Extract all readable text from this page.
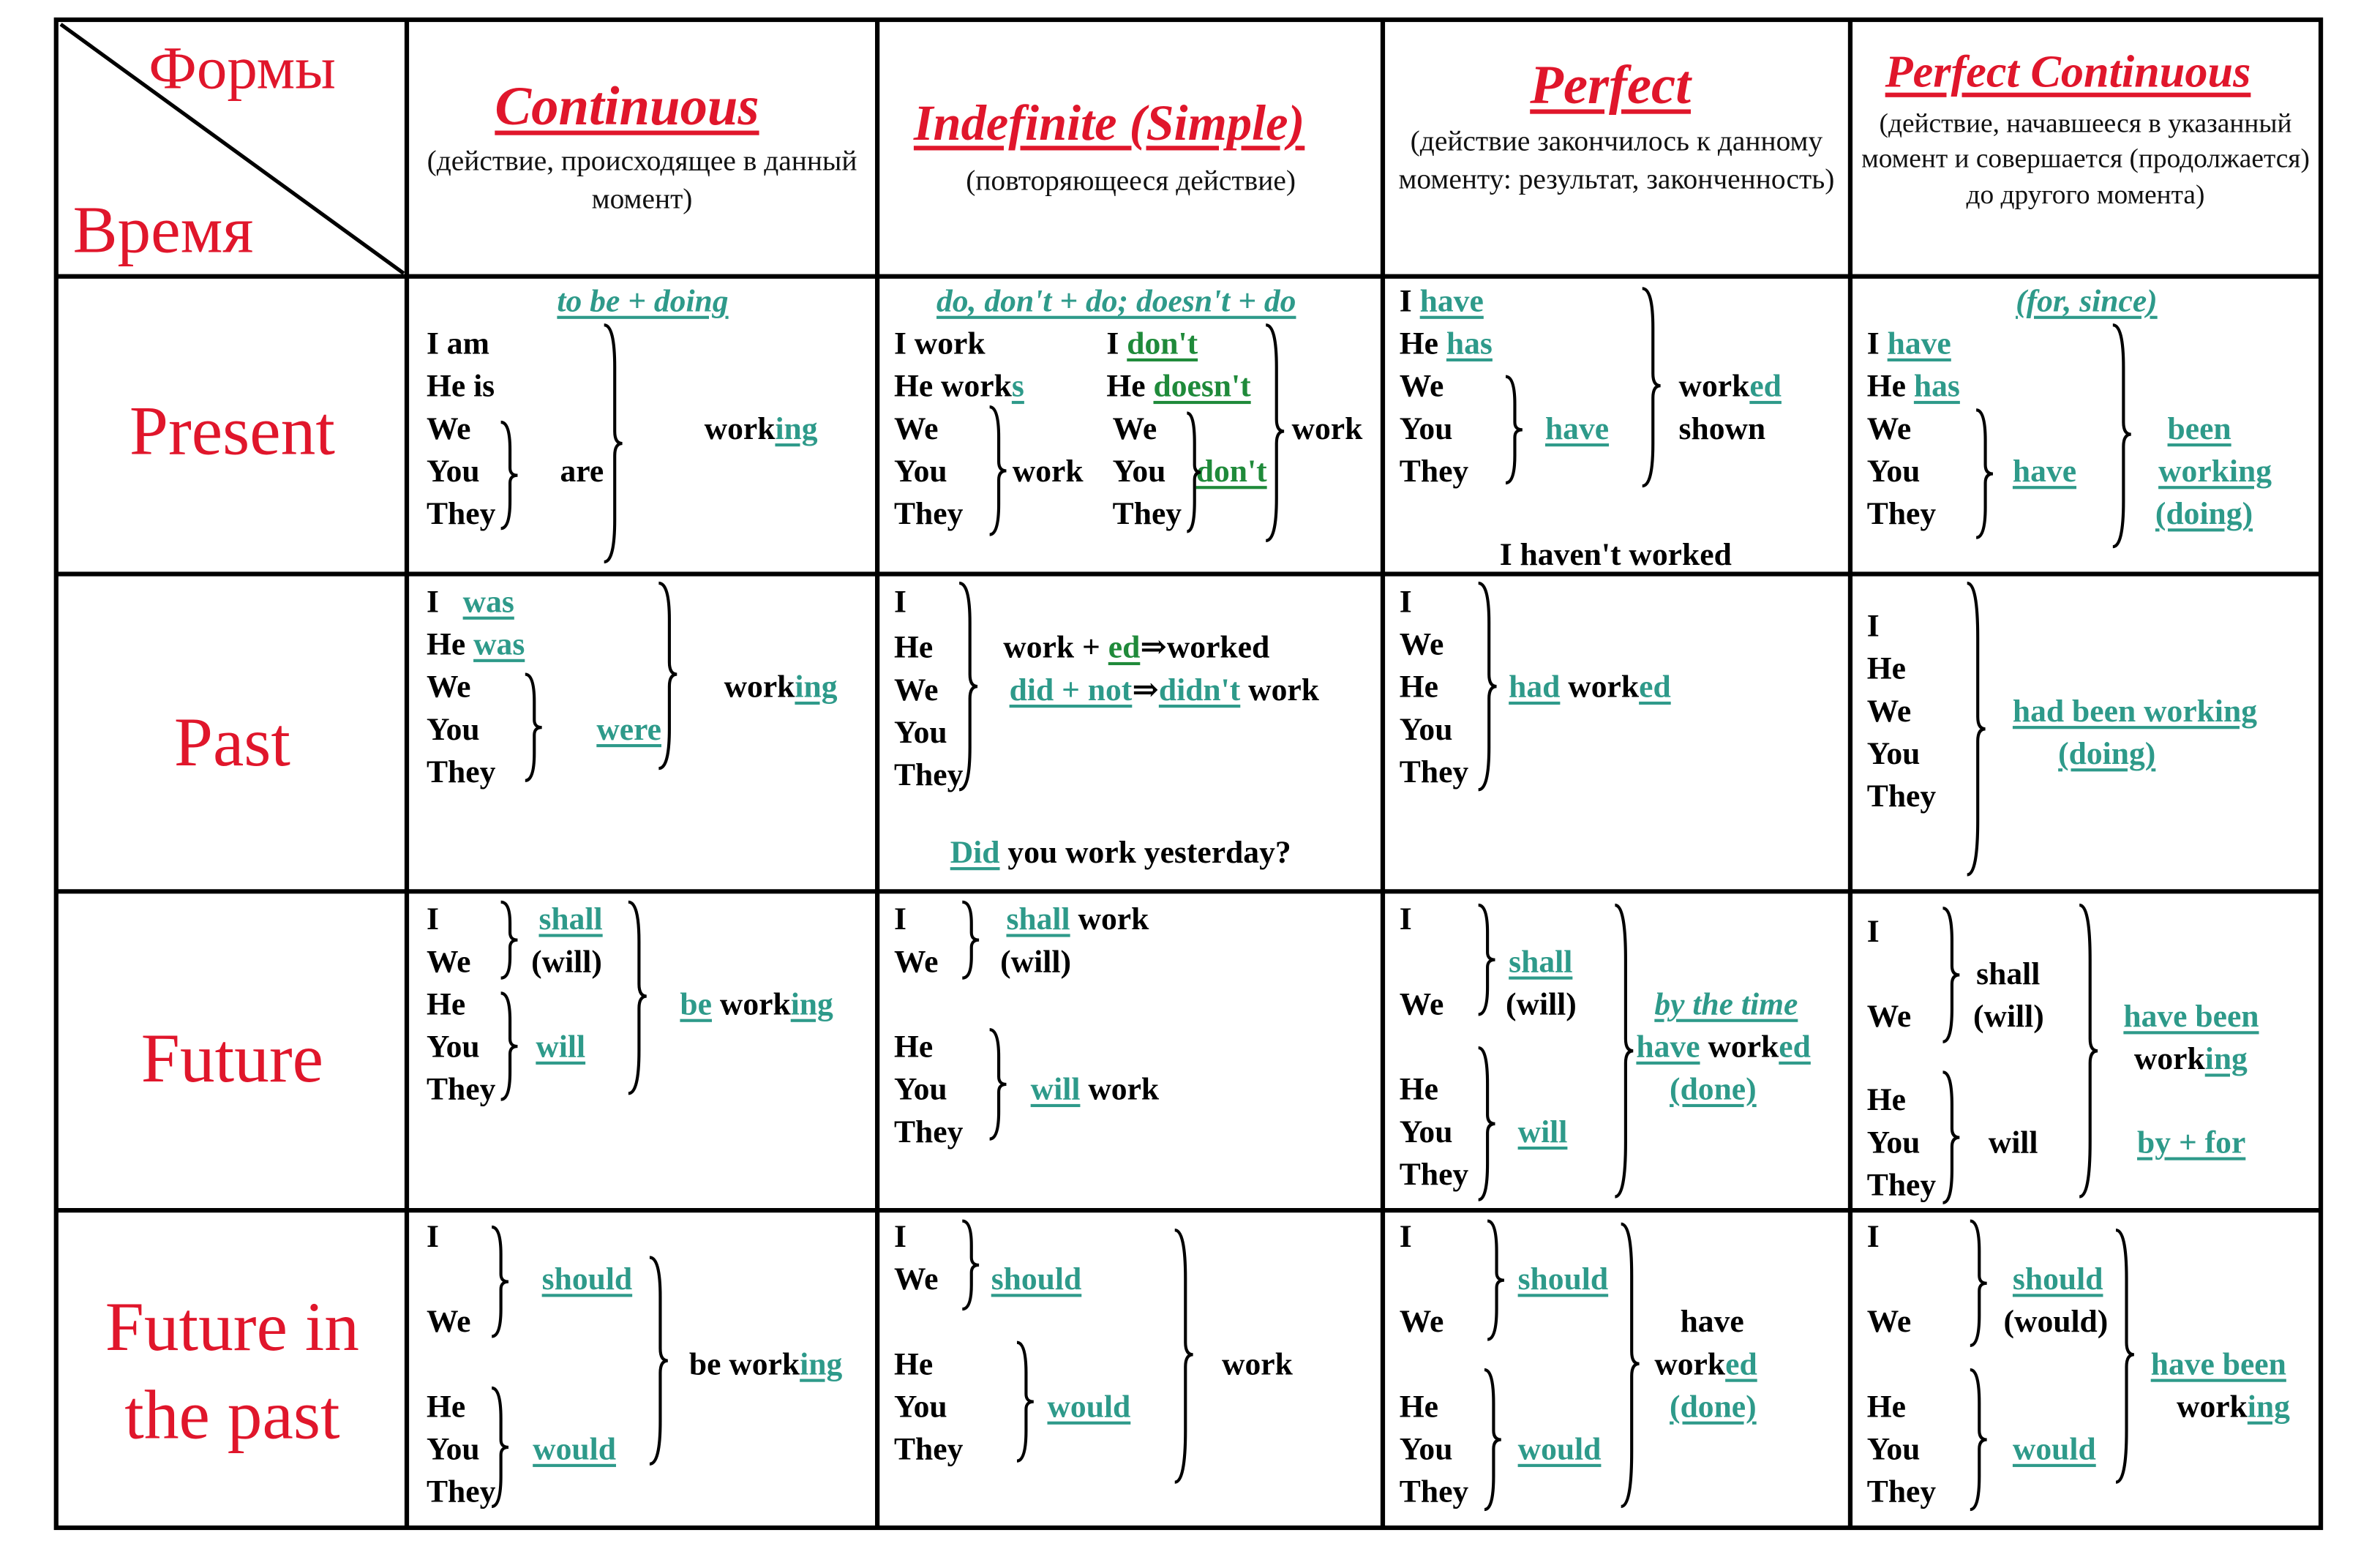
Формы
Время
Continuous
(действие, происходящее в данный момент)
Indefinite (Simple)
(повторяющееся действие)
Perfect
(действие закончилось к данному моменту: результат, законченность)
Perfect Continuous
(действие, начавшееся в указанный момент и совершается (продолжается) до другого момента)
Present
Past
Future
Future in the past
to be + doing
I am
He is
We
You
They
are
working
do, don't + do; doesn't + do
I work
He works
We
You
They
work
I don't
He doesn't
We
You don't
They
work
I have
He has
We
You
They
have
worked
shown
I haven't worked
(for, since)
I have
He has
We
You
They
have
been
working
(doing)
I was
He was
We
You
They
were
working
I
He
We
You
They
work + ed⇒worked
did + not⇒didn't work
Did you work yesterday?
I
We
He
You
They
had worked
I
He
We
You
They
had been working
(doing)
I
We
He
You
They
shall
(will)
will
be working
I
We
shall work
(will)
He
You
They
will work
I
We
shall
(will)
He
You
They
will
by the time
have worked
(done)
I
We
shall
(will)
He
You
They
will
have been
working
by + for
I
We
should
He
You
They
would
be working
I
We	should
He
You
They
would
work
I
We
should
He
You
They
would
have
worked
(done)
I
We
should
(would)
He
You
They
would
have been
working
